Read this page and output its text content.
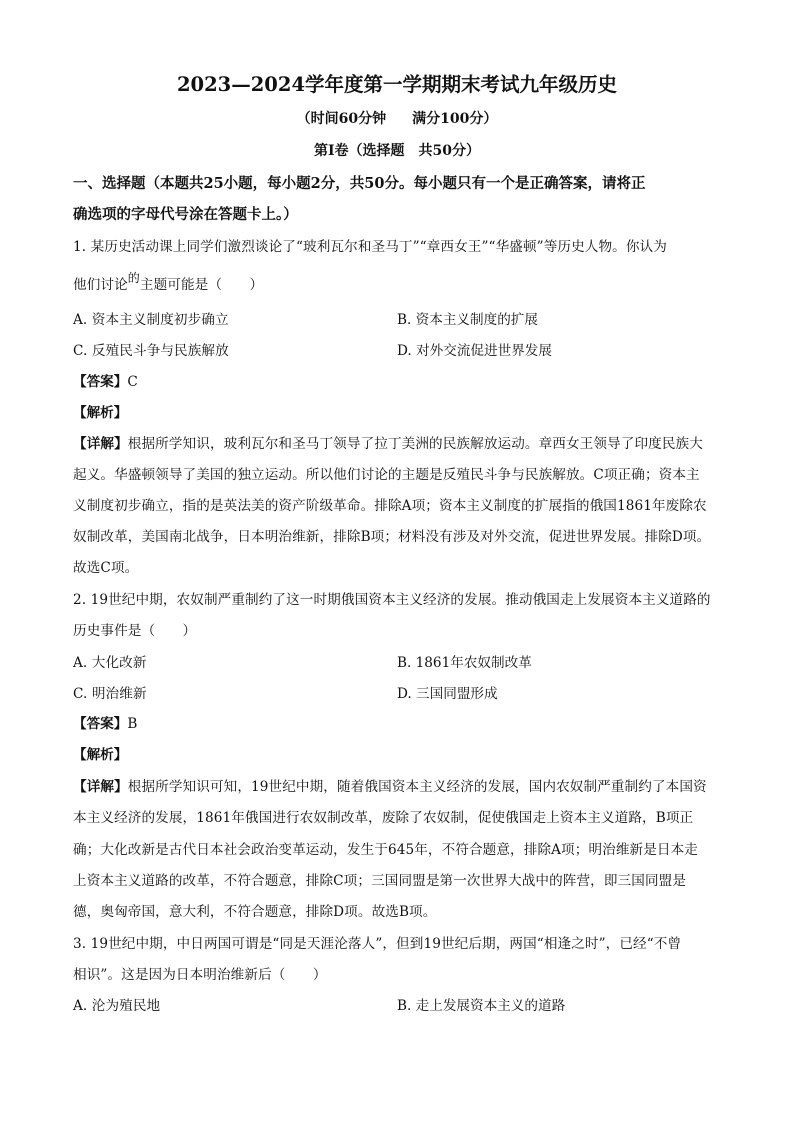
2023—2024学年度第一学期期末考试九年级历史
（时间60分钟 满分100分）
第Ⅰ卷（选择题　共50分）
一、选择题（本题共25小题，每小题2分，共50分。每小题只有一个是正确答案，请将正
确选项的字母代号涂在答题卡上。）
1. 某历史活动课上同学们激烈谈论了“玻利瓦尔和圣马丁”“章西女王”“华盛顿”等历史人物。你认为
他们讨论的主题可能是（　　）
A. 资本主义制度初步确立	B. 资本主义制度的扩展
C. 反殖民斗争与民族解放	D. 对外交流促进世界发展
【答案】C
【解析】
【详解】根据所学知识，玻利瓦尔和圣马丁领导了拉丁美洲的民族解放运动。章西女王领导了印度民族大
起义。华盛顿领导了美国的独立运动。所以他们讨论的主题是反殖民斗争与民族解放。C项正确；资本主
义制度初步确立，指的是英法美的资产阶级革命。排除A项；资本主义制度的扩展指的俄国1861年废除农
奴制改革，美国南北战争，日本明治维新，排除B项；材料没有涉及对外交流，促进世界发展。排除D项。
故选C项。
2. 19世纪中期，农奴制严重制约了这一时期俄国资本主义经济的发展。推动俄国走上发展资本主义道路的
历史事件是（　　）
A. 大化改新	B. 1861年农奴制改革
C. 明治维新	D. 三国同盟形成
【答案】B
【解析】
【详解】根据所学知识可知，19世纪中期，随着俄国资本主义经济的发展，国内农奴制严重制约了本国资
本主义经济的发展，1861年俄国进行农奴制改革，废除了农奴制，促使俄国走上资本主义道路，B项正
确；大化改新是古代日本社会政治变革运动，发生于645年，不符合题意，排除A项；明治维新是日本走
上资本主义道路的改革，不符合题意，排除C项；三国同盟是第一次世界大战中的阵营，即三国同盟是
德，奥匈帝国，意大利，不符合题意，排除D项。故选B项。
3. 19世纪中期，中日两国可谓是“同是天涯沦落人”，但到19世纪后期，两国“相逢之时”，已经“不曾
相识”。这是因为日本明治维新后（　　）
A. 沦为殖民地	B. 走上发展资本主义的道路
